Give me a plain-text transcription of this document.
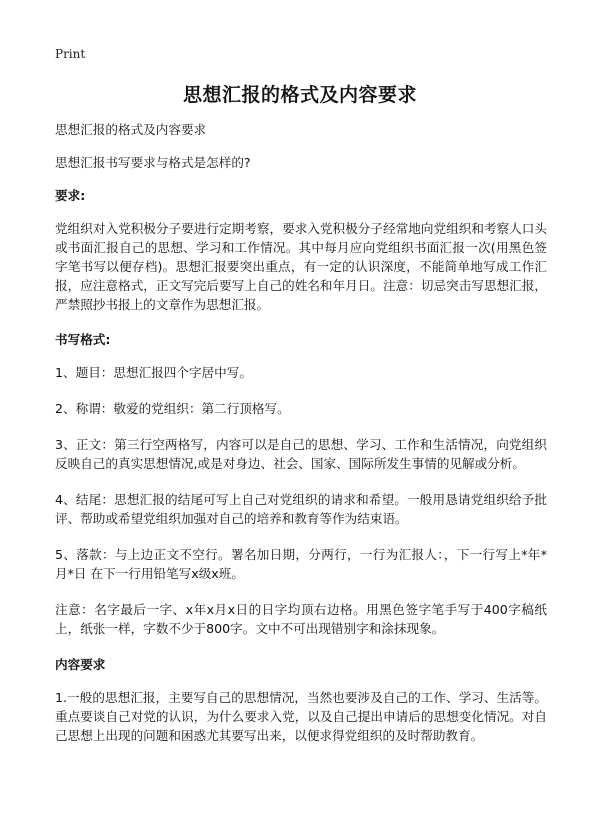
Print
思想汇报的格式及内容要求

思想汇报的格式及内容要求

思想汇报书写要求与格式是怎样的?

要求:

党组织对入党积极分子要进行定期考察，要求入党积极分子经常地向党组织和考察人口头或书面汇报自己的思想、学习和工作情况。其中每月应向党组织书面汇报一次(用黑色签字笔书写以便存档)。思想汇报要突出重点，有一定的认识深度，不能简单地写成工作汇报，应注意格式，正文写完后要写上自己的姓名和年月日。注意：切忌突击写思想汇报，严禁照抄书报上的文章作为思想汇报。

书写格式:

1、题目：思想汇报四个字居中写。

2、称谓：敬爱的党组织：第二行顶格写。

3、正文：第三行空两格写，内容可以是自己的思想、学习、工作和生活情况，向党组织反映自己的真实思想情况,或是对身边、社会、国家、国际所发生事情的见解或分析。

4、结尾：思想汇报的结尾可写上自己对党组织的请求和希望。一般用恳请党组织给予批评、帮助或希望党组织加强对自己的培养和教育等作为结束语。

5、落款：与上边正文不空行。署名加日期，分两行，一行为汇报人：，下一行写上*年*月*日 在下一行用铅笔写x级x班。

注意：名字最后一字、x年x月x日的日字均顶右边格。用黑色签字笔手写于400字稿纸上，纸张一样，字数不少于800字。文中不可出现错别字和涂抹现象。

内容要求

1.一般的思想汇报，主要写自己的思想情况，当然也要涉及自己的工作、学习、生活等。重点要谈自己对党的认识，为什么要求入党，以及自己提出申请后的思想变化情况。对自己思想上出现的问题和困惑尤其要写出来，以便求得党组织的及时帮助教育。
